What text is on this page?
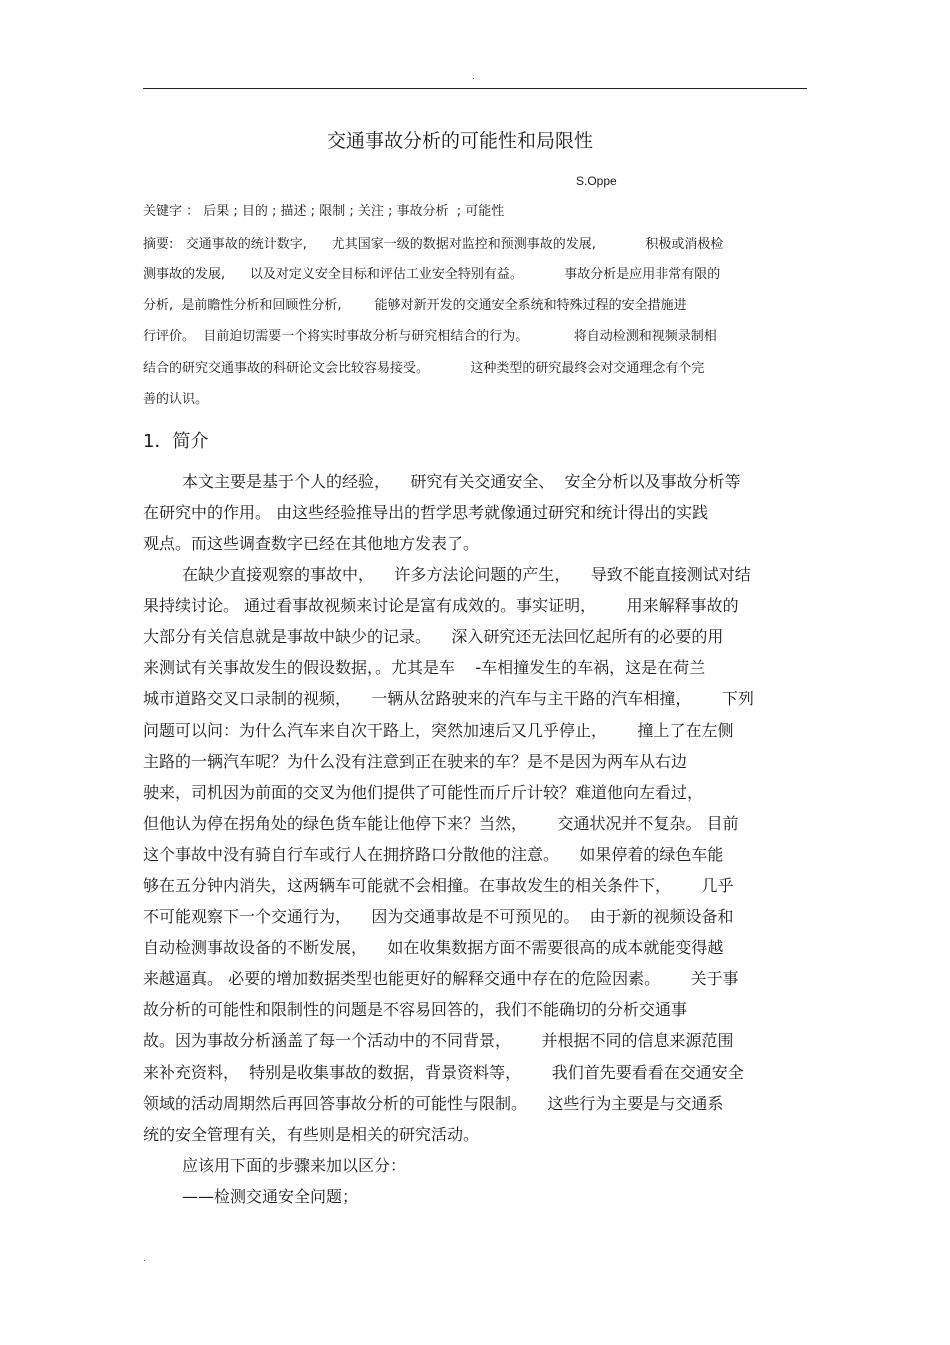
.
交通事故分析的可能性和局限性
S.Oppe
关键字 ： 后果 ; 目的 ; 描述 ; 限制 ; 关注 ; 事故分析  ; 可能性
摘要:   交通事故的统计数字,      尤其国家一级的数据对监控和预测事故的发展,            积极或消极检
测事故的发展,      以及对定义安全目标和评估工业安全特别有益。          事故分析是应用非常有限的
分析,  是前瞻性分析和回顾性分析,        能够对新开发的交通安全系统和特殊过程的安全措施进
行评价。  目前迫切需要一个将实时事故分析与研究相结合的行为。           将自动检测和视频录制相
结合的研究交通事故的科研论文会比较容易接受。          这种类型的研究最终会对交通理念有个完
善的认识。
1．简介
本文主要是基于个人的经验，    研究有关交通安全、  安全分析以及事故分析等
在研究中的作用。 由这些经验推导出的哲学思考就像通过研究和统计得出的实践
观点。而这些调查数字已经在其他地方发表了。
在缺少直接观察的事故中，    许多方法论问题的产生，    导致不能直接测试对结
果持续讨论。 通过看事故视频来讨论是富有成效的。事实证明，      用来解释事故的
大部分有关信息就是事故中缺少的记录。    深入研究还无法回忆起所有的必要的用
来测试有关事故发生的假设数据，。尤其是车    -车相撞发生的车祸，这是在荷兰
城市道路交叉口录制的视频，    一辆从岔路驶来的汽车与主干路的汽车相撞，      下列
问题可以问：为什么汽车来自次干路上，突然加速后又几乎停止，      撞上了在左侧
主路的一辆汽车呢？为什么没有注意到正在驶来的车？是不是因为两车从右边
驶来，司机因为前面的交叉为他们提供了可能性而斤斤计较？难道他向左看过，
但他认为停在拐角处的绿色货车能让他停下来？当然，      交通状况并不复杂。 目前
这个事故中没有骑自行车或行人在拥挤路口分散他的注意。    如果停着的绿色车能
够在五分钟内消失，这两辆车可能就不会相撞。在事故发生的相关条件下，      几乎
不可能观察下一个交通行为，    因为交通事故是不可预见的。  由于新的视频设备和
自动检测事故设备的不断发展，    如在收集数据方面不需要很高的成本就能变得越
来越逼真。 必要的增加数据类型也能更好的解释交通中存在的危险因素。      关于事
故分析的可能性和限制性的问题是不容易回答的，我们不能确切的分析交通事
故。因为事故分析涵盖了每一个活动中的不同背景，      并根据不同的信息来源范围
来补充资料，  特别是收集事故的数据，背景资料等，      我们首先要看看在交通安全
领域的活动周期然后再回答事故分析的可能性与限制。    这些行为主要是与交通系
统的安全管理有关，有些则是相关的研究活动。
应该用下面的步骤来加以区分：
——检测交通安全问题；
.
